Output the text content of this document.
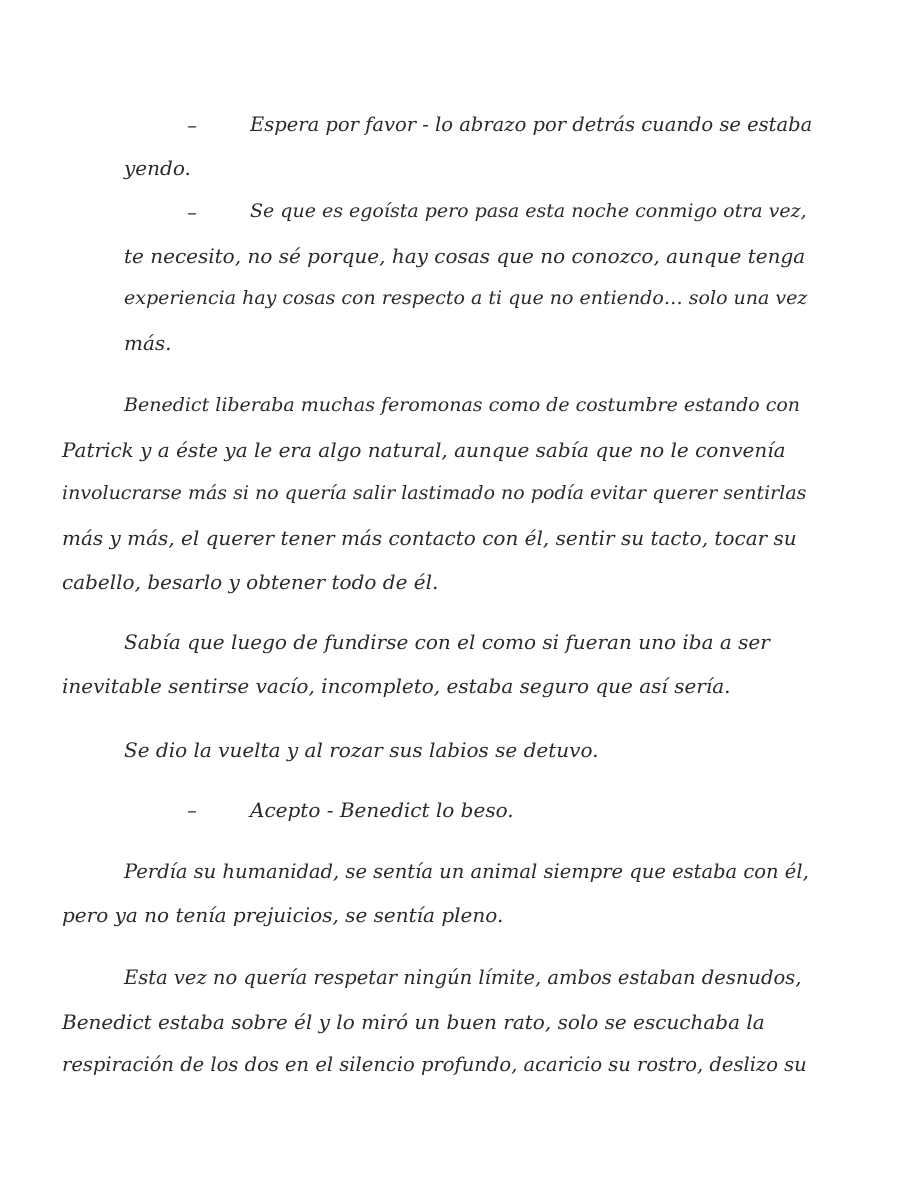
–	Espera por favor - lo abrazo por detrás cuando se estaba
yendo.
–	Se que es egoísta pero pasa esta noche conmigo otra vez,
te necesito, no sé porque, hay cosas que no conozco, aunque tenga
experiencia hay cosas con respecto a ti que no entiendo… solo una vez
más.
Benedict liberaba muchas feromonas como de costumbre estando con
Patrick y a éste ya le era algo natural, aunque sabía que no le convenía
involucrarse más si no quería salir lastimado no podía evitar querer sentirlas
más y más, el querer tener más contacto con él, sentir su tacto, tocar su
cabello, besarlo y obtener todo de él.
Sabía que luego de fundirse con el como si fueran uno iba a ser
inevitable sentirse vacío, incompleto, estaba seguro que así sería.
Se dio la vuelta y al rozar sus labios se detuvo.
–	Acepto - Benedict lo beso.
Perdía su humanidad, se sentía un animal siempre que estaba con él,
pero ya no tenía prejuicios, se sentía pleno.
Esta vez no quería respetar ningún límite, ambos estaban desnudos,
Benedict estaba sobre él y lo miró un buen rato, solo se escuchaba la
respiración de los dos en el silencio profundo, acaricio su rostro, deslizo su
